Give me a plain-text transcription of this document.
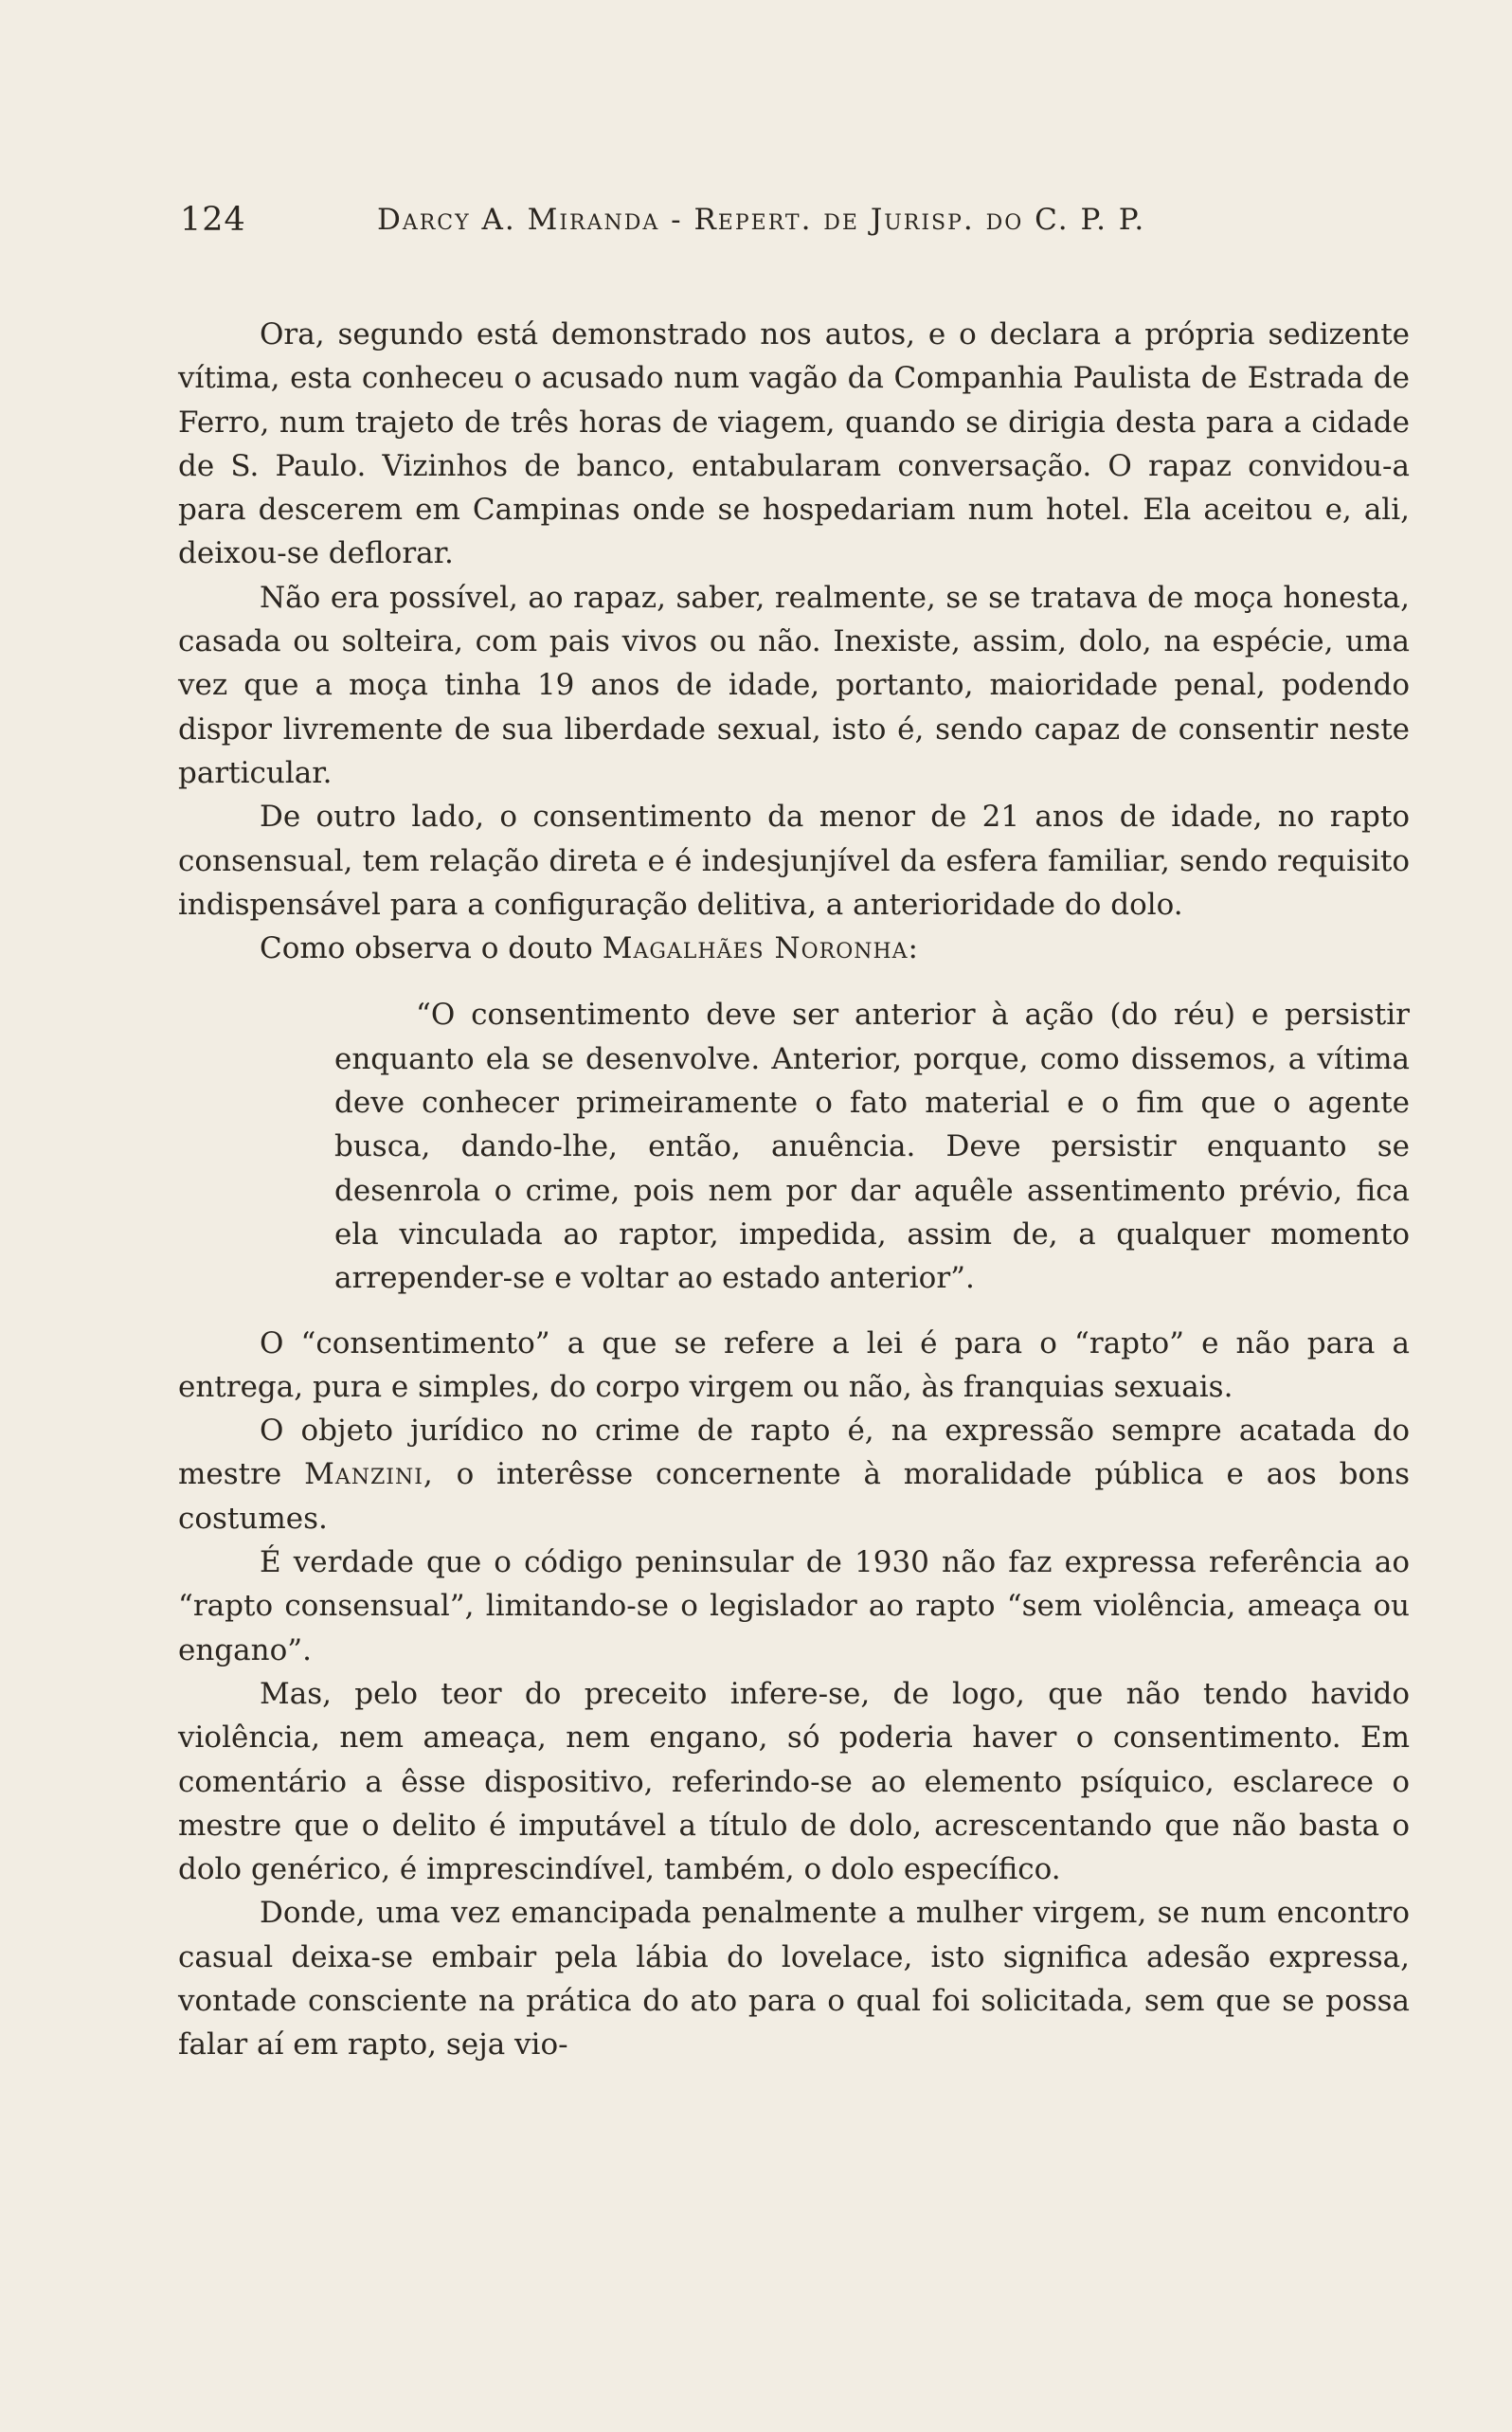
124	Darcy A. Miranda - Repert. de Jurisp. do C. P. P.

Ora, segundo está demonstrado nos autos, e o declara a própria sedizente vítima, esta conheceu o acusado num vagão da Companhia Paulista de Estrada de Ferro, num trajeto de três horas de viagem, quando se dirigia desta para a cidade de S. Paulo. Vizinhos de banco, entabularam conversação. O rapaz convidou-a para descerem em Campinas onde se hospedariam num hotel. Ela aceitou e, ali, deixou-se deflorar.

Não era possível, ao rapaz, saber, realmente, se se tratava de moça honesta, casada ou solteira, com pais vivos ou não. Inexiste, assim, dolo, na espécie, uma vez que a moça tinha 19 anos de idade, portanto, maioridade penal, podendo dispor livremente de sua liberdade sexual, isto é, sendo capaz de consentir neste particular.

De outro lado, o consentimento da menor de 21 anos de idade, no rapto consensual, tem relação direta e é indesjunjível da esfera familiar, sendo requisito indispensável para a configuração delitiva, a anterioridade do dolo.

Como observa o douto Magalhães Noronha:

“O consentimento deve ser anterior à ação (do réu) e persistir enquanto ela se desenvolve. Anterior, porque, como dissemos, a vítima deve conhecer primeiramente o fato material e o fim que o agente busca, dando-lhe, então, anuência. Deve persistir enquanto se desenrola o crime, pois nem por dar aquêle assentimento prévio, fica ela vinculada ao raptor, impedida, assim de, a qualquer momento arrepender-se e voltar ao estado anterior”.

O “consentimento” a que se refere a lei é para o “rapto” e não para a entrega, pura e simples, do corpo virgem ou não, às franquias sexuais.

O objeto jurídico no crime de rapto é, na expressão sempre acatada do mestre Manzini, o interêsse concernente à moralidade pública e aos bons costumes.

É verdade que o código peninsular de 1930 não faz expressa referência ao “rapto consensual”, limitando-se o legislador ao rapto “sem violência, ameaça ou engano”.

Mas, pelo teor do preceito infere-se, de logo, que não tendo havido violência, nem ameaça, nem engano, só poderia haver o consentimento. Em comentário a êsse dispositivo, referindo-se ao elemento psíquico, esclarece o mestre que o delito é imputável a título de dolo, acrescentando que não basta o dolo genérico, é imprescindível, também, o dolo específico.

Donde, uma vez emancipada penalmente a mulher virgem, se num encontro casual deixa-se embair pela lábia do lovelace, isto significa adesão expressa, vontade consciente na prática do ato para o qual foi solicitada, sem que se possa falar aí em rapto, seja vio-
